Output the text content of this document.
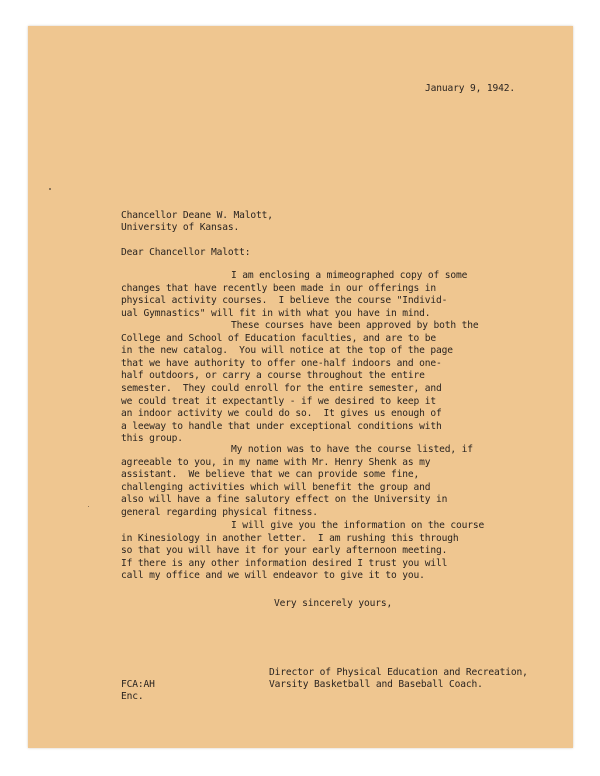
January 9, 1942.
Chancellor Deane W. Malott,
University of Kansas.
Dear Chancellor Malott:
I am enclosing a mimeographed copy of some
changes that have recently been made in our offerings in
physical activity courses.  I believe the course "Individ-
ual Gymnastics" will fit in with what you have in mind.
These courses have been approved by both the
College and School of Education faculties, and are to be
in the new catalog.  You will notice at the top of the page
that we have authority to offer one-half indoors and one-
half outdoors, or carry a course throughout the entire
semester.  They could enroll for the entire semester, and
we could treat it expectantly - if we desired to keep it
an indoor activity we could do so.  It gives us enough of
a leeway to handle that under exceptional conditions with
this group.
My notion was to have the course listed, if
agreeable to you, in my name with Mr. Henry Shenk as my
assistant.  We believe that we can provide some fine,
challenging activities which will benefit the group and
also will have a fine salutory effect on the University in
general regarding physical fitness.
I will give you the information on the course
in Kinesiology in another letter.  I am rushing this through
so that you will have it for your early afternoon meeting.
If there is any other information desired I trust you will
call my office and we will endeavor to give it to you.
Very sincerely yours,
Director of Physical Education and Recreation,
Varsity Basketball and Baseball Coach.
FCA:AH
Enc.
